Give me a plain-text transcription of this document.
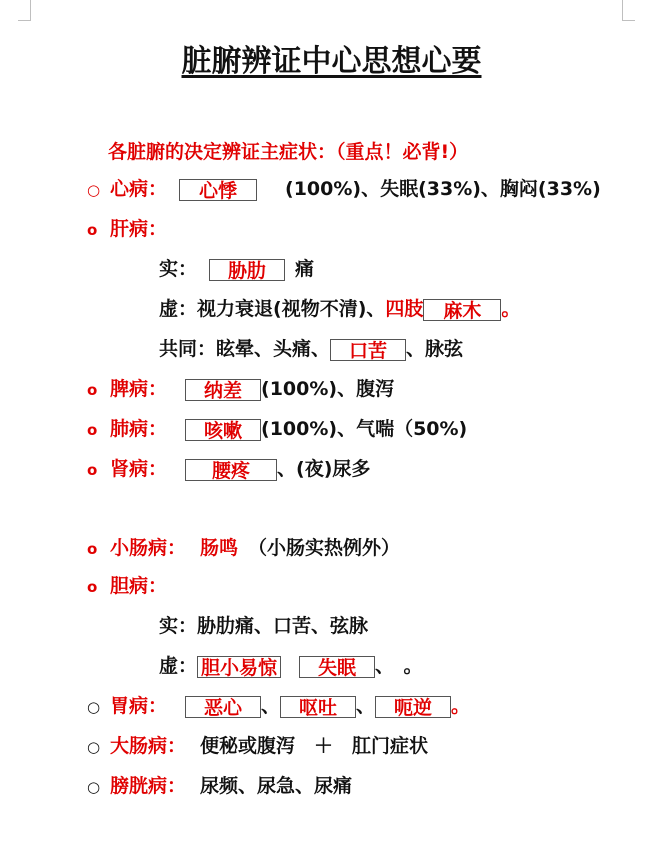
脏腑辨证中心思想心要
各脏腑的决定辨证主症状：（重点！必背!）
○ 心病： 心悸	(100%)、失眠(33%)、胸闷(33%)
ο 肝病：
实： 胁肋 痛
虚：视力衰退(视物不清)、四肢 麻木 。
共同：眩晕、头痛、 口苦 、脉弦
ο 脾病： 纳差 (100%)、腹泻
ο 肺病： 咳嗽 (100%)、气喘（50%)
ο 肾病： 腰疼 、(夜)尿多
ο 小肠病： 肠鸣 （小肠实热例外）
ο 胆病：
实：胁肋痛、口苦、弦脉
虚： 胆小易惊 失眠 、　。
○ 胃病： 恶心 、 呕吐 、 呃逆 。
○ 大肠病： 便秘或腹泻　＋　肛门症状
○ 膀胱病： 尿频、尿急、尿痛
